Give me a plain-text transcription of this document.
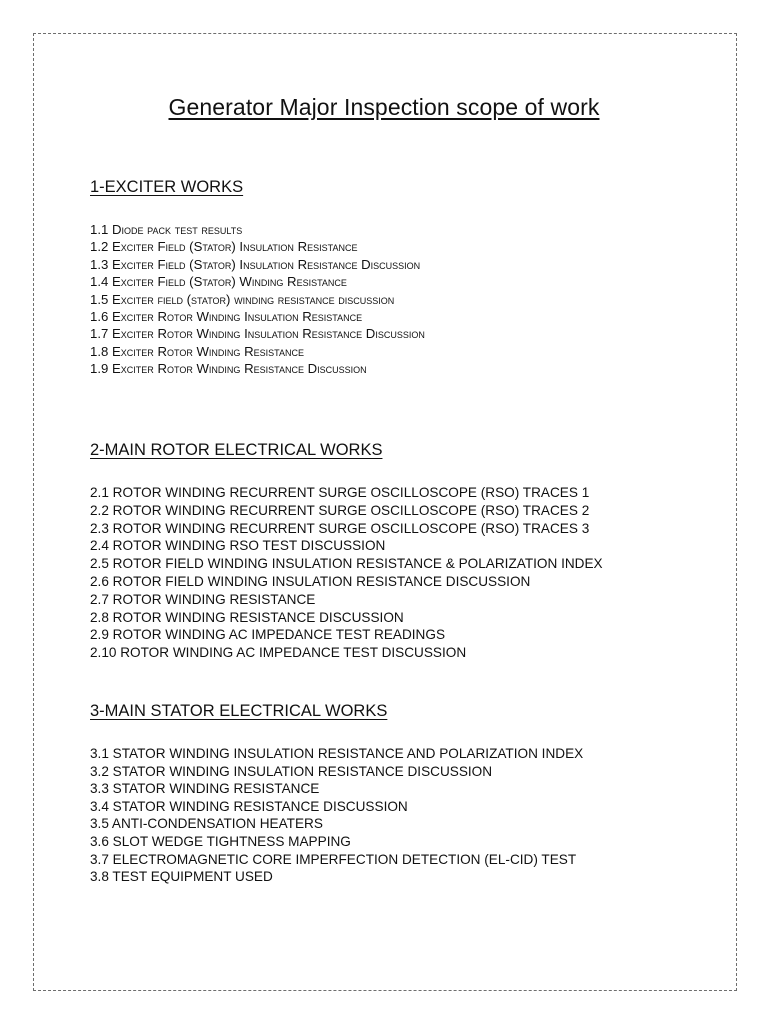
Generator Major Inspection scope of work
1-EXCITER WORKS
1.1 Diode pack test results
1.2 Exciter Field (Stator) Insulation Resistance
1.3 Exciter Field (Stator) Insulation Resistance Discussion
1.4 Exciter Field (Stator) Winding Resistance
1.5 Exciter field (stator) winding resistance discussion
1.6 Exciter Rotor Winding Insulation Resistance
1.7 Exciter Rotor Winding Insulation Resistance Discussion
1.8 Exciter Rotor Winding Resistance
1.9 Exciter Rotor Winding Resistance Discussion
2-MAIN ROTOR ELECTRICAL WORKS
2.1 ROTOR WINDING RECURRENT SURGE OSCILLOSCOPE (RSO) TRACES 1
2.2 ROTOR WINDING RECURRENT SURGE OSCILLOSCOPE (RSO) TRACES 2
2.3 ROTOR WINDING RECURRENT SURGE OSCILLOSCOPE (RSO) TRACES 3
2.4 ROTOR WINDING RSO TEST DISCUSSION
2.5 ROTOR FIELD WINDING INSULATION RESISTANCE & POLARIZATION INDEX
2.6 ROTOR FIELD WINDING INSULATION RESISTANCE DISCUSSION
2.7 ROTOR WINDING RESISTANCE
2.8 ROTOR WINDING RESISTANCE DISCUSSION
2.9 ROTOR WINDING AC IMPEDANCE TEST READINGS
2.10 ROTOR WINDING AC IMPEDANCE TEST DISCUSSION
3-MAIN STATOR ELECTRICAL WORKS
3.1 STATOR WINDING INSULATION RESISTANCE AND POLARIZATION INDEX
3.2 STATOR WINDING INSULATION RESISTANCE DISCUSSION
3.3 STATOR WINDING RESISTANCE
3.4 STATOR WINDING RESISTANCE DISCUSSION
3.5 ANTI-CONDENSATION HEATERS
3.6 SLOT WEDGE TIGHTNESS MAPPING
3.7 ELECTROMAGNETIC CORE IMPERFECTION DETECTION (EL-CID) TEST
3.8 TEST EQUIPMENT USED
